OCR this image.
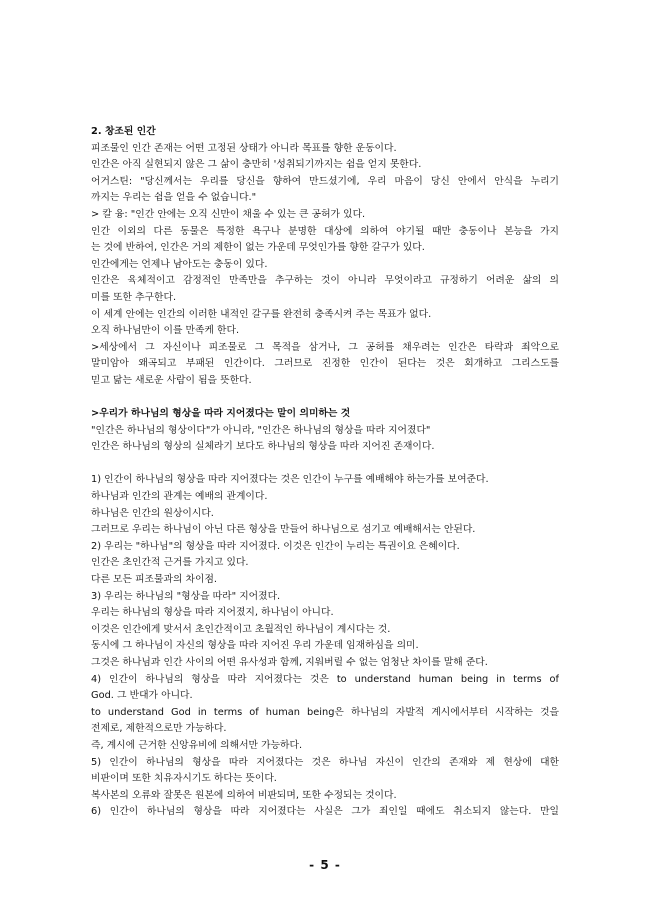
2. 창조된 인간
피조물인 인간 존재는 어떤 고정된 상태가 아니라 목표를 향한 운동이다.
인간은 아직 실현되지 않은 그 삶이 충만히 '성취되기까지는 쉼을 얻지 못한다.
어거스틴: "당신께서는 우리를 당신을 향하여 만드셨기에, 우리 마음이 당신 안에서 안식을 누리기
까지는 우리는 쉼을 얻을 수 없습니다."
> 칼 융: "인간 안에는 오직 신만이 채울 수 있는 큰 공허가 있다.
인간 이외의 다른 동물은 특정한 욕구나 분명한 대상에 의하여 야기될 때만 충동이나 본능을 가지
는 것에 반하여, 인간은 거의 제한이 없는 가운데 무엇인가를 향한 갈구가 있다.
인간에게는 언제나 남아도는 충동이 있다.
인간은 육체적이고 감정적인 만족만을 추구하는 것이 아니라 무엇이라고 규정하기 어려운 삶의 의
미를 또한 추구한다.
이 세계 안에는 인간의 이러한 내적인 갈구를 완전히 충족시켜 주는 목표가 없다.
오직 하나님만이 이를 만족케 한다.
>세상에서 그 자신이나 피조물로 그 목적을 삼거나, 그 공허를 채우려는 인간은 타락과 죄악으로
말미암아 왜곡되고 부패된 인간이다. 그러므로 진정한 인간이 된다는 것은 회개하고 그리스도를
믿고 닮는 새로운 사람이 됨을 뜻한다.
>우리가 하나님의 형상을 따라 지어졌다는 말이 의미하는 것
"인간은 하나님의 형상이다"가 아니라, "인간은 하나님의 형상을 따라 지어졌다"
인간은 하나님의 형상의 실체라기 보다도 하나님의 형상을 따라 지어진 존재이다.
1) 인간이 하나님의 형상을 따라 지어졌다는 것은 인간이 누구를 예배해야 하는가를 보여준다.
하나님과 인간의 관계는 예배의 관계이다.
하나님은 인간의 원상이시다.
그러므로 우리는 하나님이 아닌 다른 형상을 만들어 하나님으로 섬기고 예배해서는 안된다.
2) 우리는 "하나님"의 형상을 따라 지어졌다. 이것은 인간이 누리는 특권이요 은혜이다.
인간은 초인간적 근거를 가지고 있다.
다른 모든 피조물과의 차이점.
3) 우리는 하나님의 "형상을 따라" 지어졌다.
우리는 하나님의 형상을 따라 지어졌지, 하나님이 아니다.
이것은 인간에게 맞서서 초인간적이고 초월적인 하나님이 계시다는 것.
동시에 그 하나님이 자신의 형상을 따라 지어진 우리 가운데 임재하심을 의미.
그것은 하나님과 인간 사이의 어떤 유사성과 함께, 지워버릴 수 없는 엄청난 차이를 말해 준다.
4) 인간이 하나님의 형상을 따라 지어졌다는 것은 to understand human being in terms of
God. 그 반대가 아니다.
to understand God in terms of human being은 하나님의 자발적 계시에서부터 시작하는 것을
전제로, 제한적으로만 가능하다.
즉, 계시에 근거한 신앙유비에 의해서만 가능하다.
5) 인간이 하나님의 형상을 따라 지어졌다는 것은 하나님 자신이 인간의 존재와 제 현상에 대한
비판이며 또한 치유자시기도 하다는 뜻이다.
복사본의 오류와 잘못은 원본에 의하여 비판되며, 또한 수정되는 것이다.
6) 인간이 하나님의 형상을 따라 지어졌다는 사실은 그가 죄인일 때에도 취소되지 않는다. 만일
- 5 -
